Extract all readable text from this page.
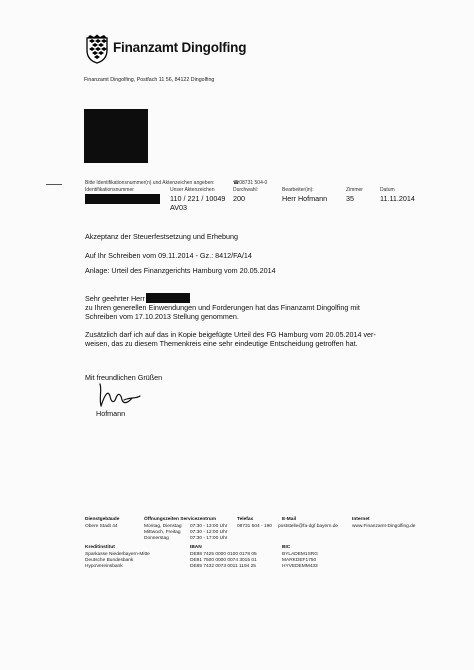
Finanzamt Dingolfing
Finanzamt Dingolfing, Postfach 11 56, 84122 Dingolfing
Bitte Identifikationsnummer(n) und Aktenzeichen angeben:
Identifikationsnummer	Unser Aktenzeichen
110 / 221 / 10049
AV03
☎08731 504-0
Durchwahl:
200
Bearbeiter(in):
Herr Hofmann
Zimmer
35
Datum
11.11.2014
Akzeptanz der Steuerfestsetzung und Erhebung
Auf Ihr Schreiben vom 09.11.2014 - Gz.: 8412/FA/14
Anlage: Urteil des Finanzgerichts Hamburg vom 20.05.2014
Sehr geehrter Herr
zu Ihren generellen Einwendungen und Forderungen hat das Finanzamt Dingolfing mit
Schreiben vom 17.10.2013 Stellung genommen.
Zusätzlich darf ich auf das in Kopie beigefügte Urteil des FG Hamburg vom 20.05.2014 ver-
weisen, das zu diesem Themenkreis eine sehr eindeutige Entscheidung getroffen hat.
Mit freundlichen Grüßen
Hofmann
Dienstgebäude
Obere Stadt 44
Öffnungszeiten Servicezentrum
Montag, Dienstag 07:30 - 13:00 Uhr
Mittwoch, Freitag 07:30 - 12:00 Uhr
Donnerstag	07:30 - 17:00 Uhr
Telefax
08731 504 - 190
E-Mail
poststelle@fa-dgf.bayern.de
Internet
www.Finanzamt-Dingolfing.de
Kreditinstitut
Sparkasse Niederbayern-Mitte
Deutsche Bundesbank
HypoVereinsbank
IBAN
DE88 7425 0000 0100 0178 05
DE91 7500 0000 0074 3015 01
DE85 7432 0073 0011 1194 25
BIC
BYLADEM1SRG
MARKDEF1750
HYVEDEMM433
